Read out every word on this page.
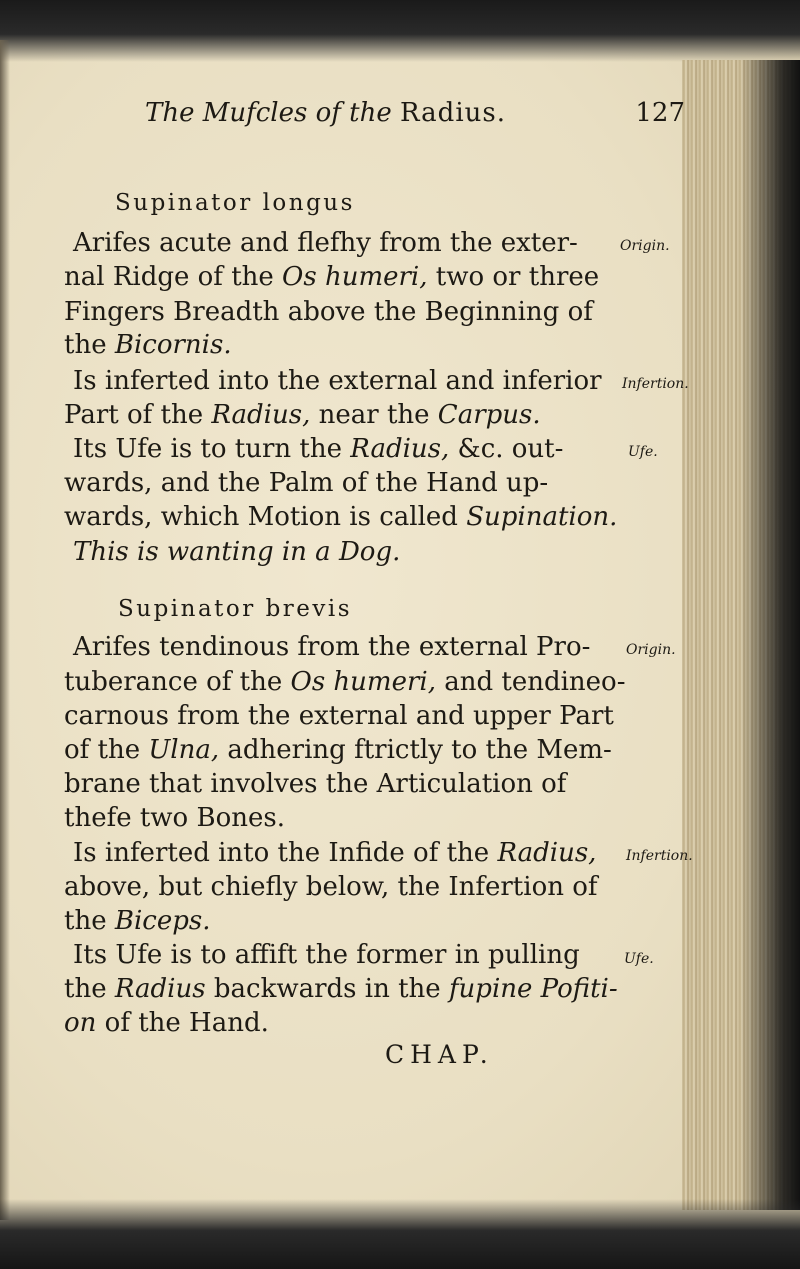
The Mufcles of the Radius.	127
Supinator longus
Arifes acute and flefhy from the exter-
nal Ridge of the Os humeri, two or three
Fingers Breadth above the Beginning of
the Bicornis.
Is inferted into the external and inferior
Part of the Radius, near the Carpus.
Its Ufe is to turn the Radius, &c. out-
wards, and the Palm of the Hand up-
wards, which Motion is called Supination.
This is wanting in a Dog.
Supinator brevis
Arifes tendinous from the external Pro-
tuberance of the Os humeri, and tendineo-
carnous from the external and upper Part
of the Ulna, adhering ftrictly to the Mem-
brane that involves the Articulation of
thefe two Bones.
Is inferted into the Infide of the Radius,
above, but chiefly below, the Infertion of
the Biceps.
Its Ufe is to affift the former in pulling
the Radius backwards in the fupine Pofiti-
on of the Hand.
Origin.
Infertion.
Ufe.
Origin.
Infertion.
Ufe.
CHAP.
